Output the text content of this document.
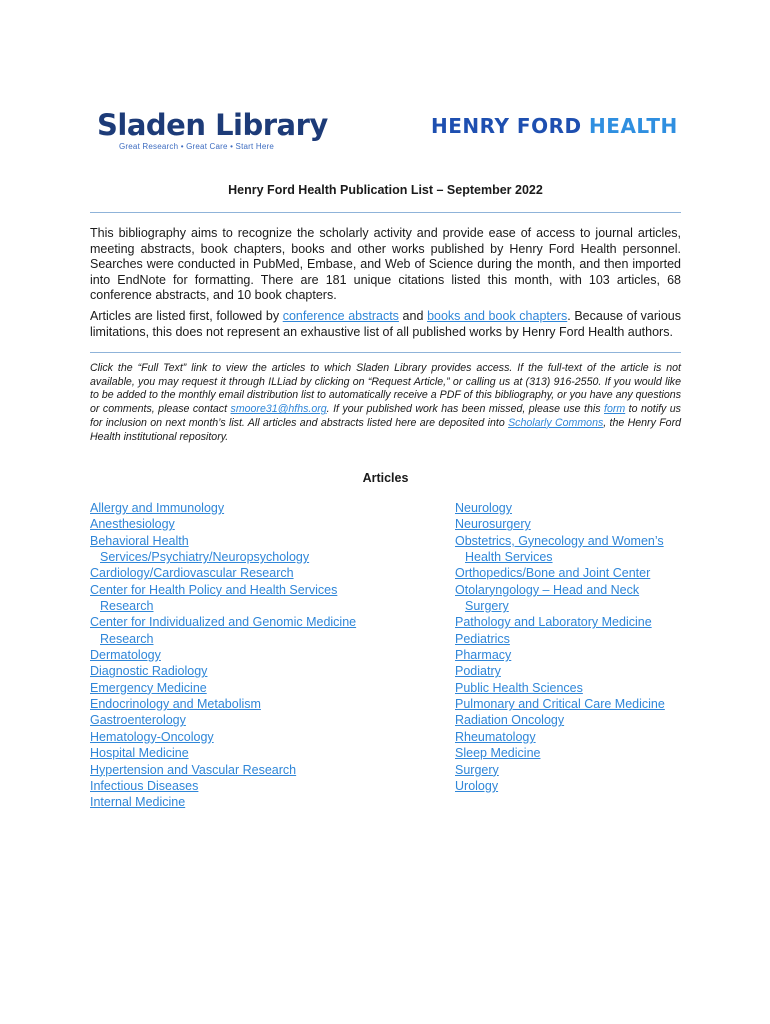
Sladen Library
Great Research • Great Care • Start Here
HENRY FORD HEALTH
Henry Ford Health Publication List – September 2022
This bibliography aims to recognize the scholarly activity and provide ease of access to journal articles, meeting abstracts, book chapters, books and other works published by Henry Ford Health personnel. Searches were conducted in PubMed, Embase, and Web of Science during the month, and then imported into EndNote for formatting. There are 181 unique citations listed this month, with 103 articles, 68 conference abstracts, and 10 book chapters.
Articles are listed first, followed by conference abstracts and books and book chapters. Because of various limitations, this does not represent an exhaustive list of all published works by Henry Ford Health authors.
Click the “Full Text” link to view the articles to which Sladen Library provides access. If the full-text of the article is not available, you may request it through ILLiad by clicking on “Request Article,” or calling us at (313) 916-2550. If you would like to be added to the monthly email distribution list to automatically receive a PDF of this bibliography, or you have any questions or comments, please contact smoore31@hfhs.org. If your published work has been missed, please use this form to notify us for inclusion on next month’s list. All articles and abstracts listed here are deposited into Scholarly Commons, the Henry Ford Health institutional repository.
Articles
Allergy and Immunology
Anesthesiology
Behavioral Health
Services/Psychiatry/Neuropsychology
Cardiology/Cardiovascular Research
Center for Health Policy and Health Services
Research
Center for Individualized and Genomic Medicine
Research
Dermatology
Diagnostic Radiology
Emergency Medicine
Endocrinology and Metabolism
Gastroenterology
Hematology-Oncology
Hospital Medicine
Hypertension and Vascular Research
Infectious Diseases
Internal Medicine
Neurology
Neurosurgery
Obstetrics, Gynecology and Women’s
Health Services
Orthopedics/Bone and Joint Center
Otolaryngology – Head and Neck
Surgery
Pathology and Laboratory Medicine
Pediatrics
Pharmacy
Podiatry
Public Health Sciences
Pulmonary and Critical Care Medicine
Radiation Oncology
Rheumatology
Sleep Medicine
Surgery
Urology
